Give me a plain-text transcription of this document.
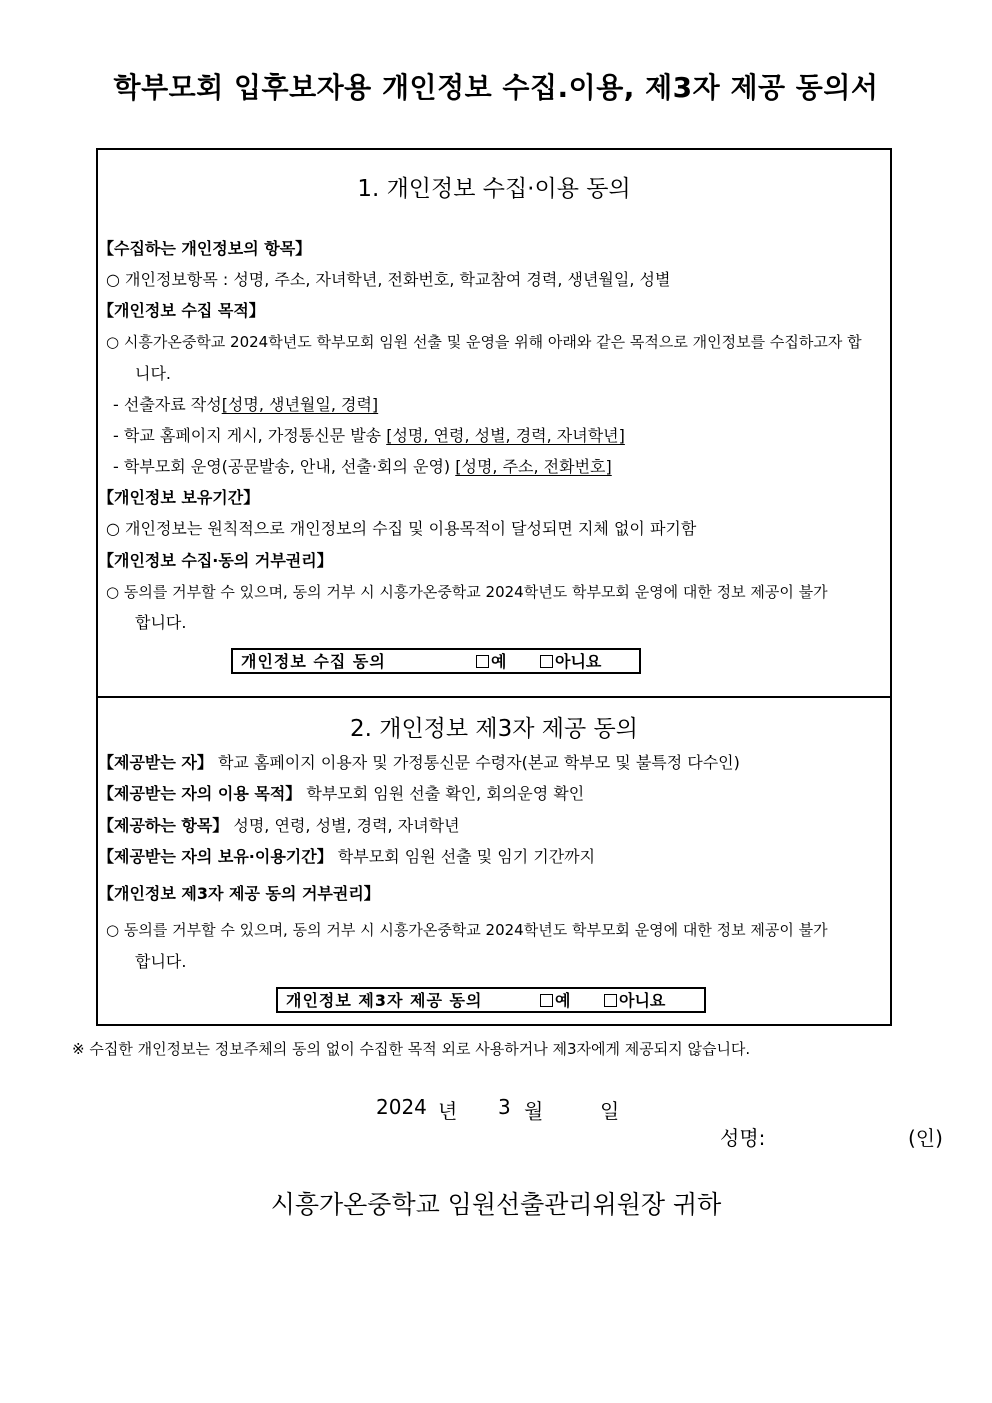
학부모회 입후보자용 개인정보 수집.이용, 제3자 제공 동의서
1. 개인정보 수집·이용 동의
【수집하는 개인정보의 항목】
○ 개인정보항목 : 성명, 주소, 자녀학년, 전화번호, 학교참여 경력, 생년월일, 성별
【개인정보 수집 목적】
○ 시흥가온중학교 2024학년도 학부모회 임원 선출 및 운영을 위해 아래와 같은 목적으로 개인정보를 수집하고자 합
니다.
- 선출자료 작성[성명, 생년월일, 경력]
- 학교 홈페이지 게시, 가정통신문 발송 [성명, 연령, 성별, 경력, 자녀학년]
- 학부모회 운영(공문발송, 안내, 선출·회의 운영) [성명, 주소, 전화번호]
【개인정보 보유기간】
○ 개인정보는 원칙적으로 개인정보의 수집 및 이용목적이 달성되면 지체 없이 파기함
【개인정보 수집·동의 거부권리】
○ 동의를 거부할 수 있으며, 동의 거부 시 시흥가온중학교 2024학년도 학부모회 운영에 대한 정보 제공이 불가
합니다.
개인정보 수집 동의	예	아니요
2. 개인정보 제3자 제공 동의
【제공받는 자】 학교 홈페이지 이용자 및 가정통신문 수령자(본교 학부모 및 불특정 다수인)
【제공받는 자의 이용 목적】 학부모회 임원 선출 확인, 회의운영 확인
【제공하는 항목】 성명, 연령, 성별, 경력, 자녀학년
【제공받는 자의 보유·이용기간】 학부모회 임원 선출 및 임기 기간까지
【개인정보 제3자 제공 동의 거부권리】
○ 동의를 거부할 수 있으며, 동의 거부 시 시흥가온중학교 2024학년도 학부모회 운영에 대한 정보 제공이 불가
합니다.
개인정보 제3자 제공 동의	예	아니요
※ 수집한 개인정보는 정보주체의 동의 없이 수집한 목적 외로 사용하거나 제3자에게 제공되지 않습니다.
2024 년 3 월	일
성명:	(인)
시흥가온중학교 임원선출관리위원장 귀하
